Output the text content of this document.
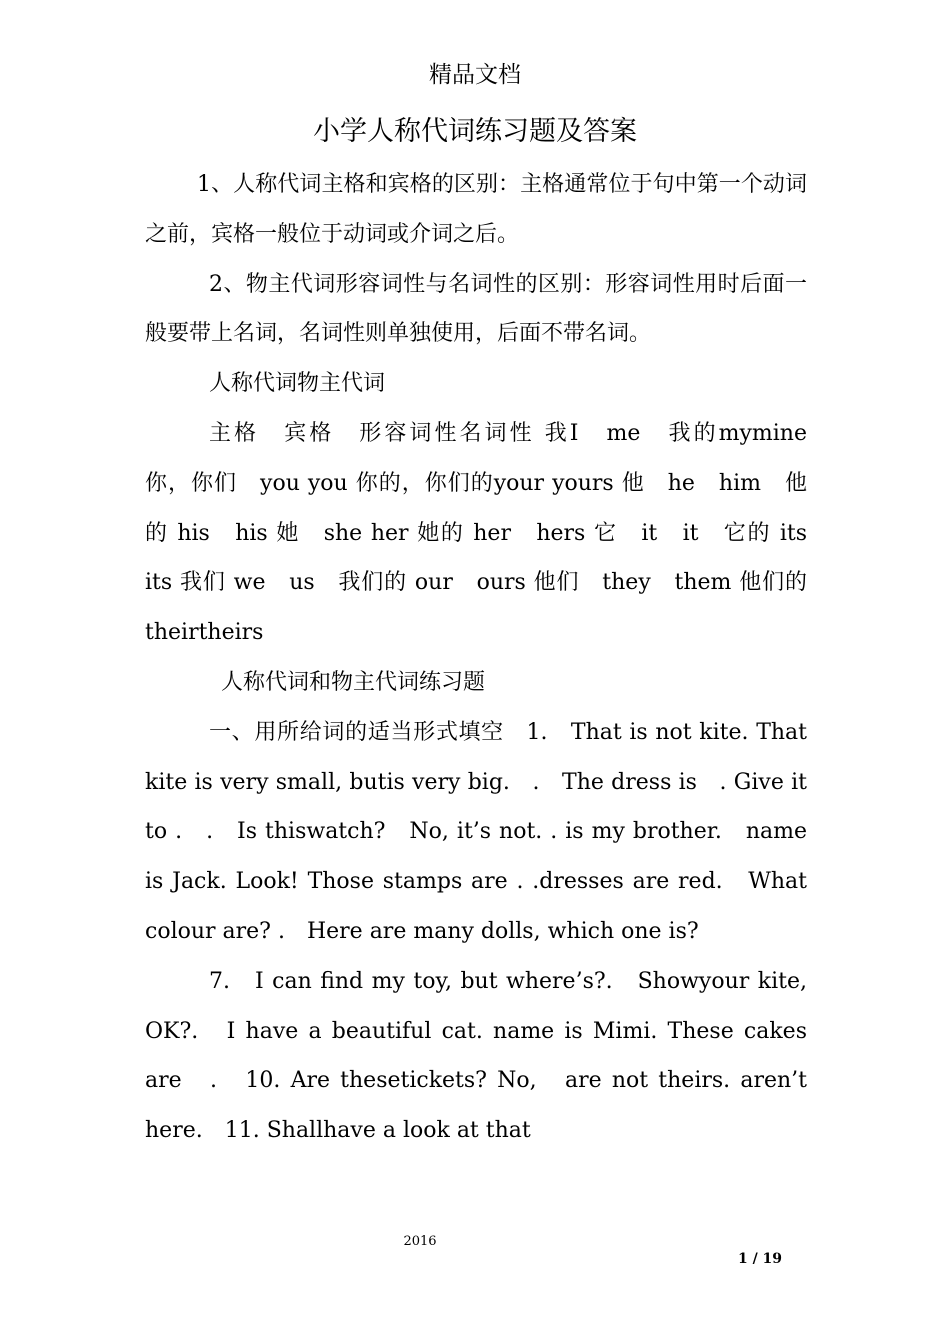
精品文档
小学人称代词练习题及答案

1、人称代词主格和宾格的区别：主格通常位于句中第一个动词之前，宾格一般位于动词或介词之后。

2、物主代词形容词性与名词性的区别：形容词性用时后面一般要带上名词，名词性则单独使用，后面不带名词。

人称代词物主代词

主格　宾格　形容词性名词性 我I　me　我的mymine　你，你们　you you 你的，你们的your yours 他　he　him　他的 his　his 她　she her 她的 her　hers 它　it　it　它的 its　its 我们 we　us　我们的 our　ours 他们　they　them 他们的　theirtheirs

人称代词和物主代词练习题

一、用所给词的适当形式填空　1.　That is not kite. That kite is very small, butis very big.　.　The dress is　. Give it to .　.　Is thiswatch?　No, it’s not. . is my brother.　name is Jack. Look! Those stamps are . .dresses are red.　What colour are? .　Here are many dolls, which one is?

7.　I can find my toy, but where’s?.　Showyour kite, OK?.　I have a beautiful cat. name is Mimi. These cakes are　.　10. Are thesetickets? No,　are not theirs. aren’t here.　11. Shallhave a look at that

2016
1 / 19
